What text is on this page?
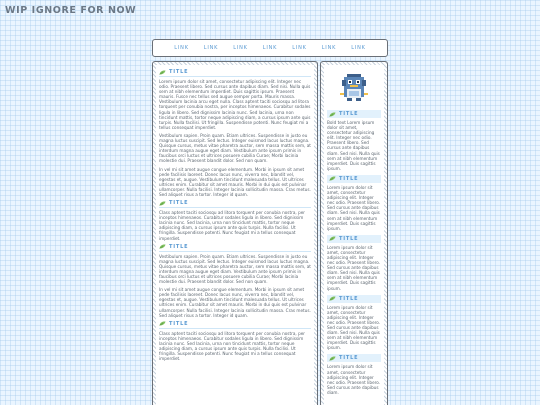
WIP IGNORE FOR NOW
LINK	LINK	LINK	LINK	LINK	LINK	LINK
TITLE

Lorem ipsum dolor sit amet, consectetur adipiscing elit. Integer nec odio. Praesent libero. Sed cursus ante dapibus diam. Sed nisi. Nulla quis sem at nibh elementum imperdiet. Duis sagittis ipsum. Praesent mauris. Fusce nec tellus sed augue semper porta. Mauris massa. Vestibulum lacinia arcu eget nulla. Class aptent taciti sociosqu ad litora torquent per conubia nostra, per inceptos himenaeos. Curabitur sodales ligula in libero. Sed dignissim lacinia nunc. Sed lacinia, urna non tincidunt mattis, tortor neque adipiscing diam, a cursus ipsum ante quis turpis. Nulla facilisi. Ut fringilla. Suspendisse potenti. Nunc feugiat mi a tellus consequat imperdiet.

Vestibulum sapien. Proin quam. Etiam ultrices. Suspendisse in justo eu magna luctus suscipit. Sed lectus. Integer euismod lacus luctus magna. Quisque cursus, metus vitae pharetra auctor, sem massa mattis sem, at interdum magna augue eget diam. Vestibulum ante ipsum primis in faucibus orci luctus et ultrices posuere cubilia Curae; Morbi lacinia molestie dui. Praesent blandit dolor. Sed non quam.

In vel mi sit amet augue congue elementum. Morbi in ipsum sit amet pede facilisis laoreet. Donec lacus nunc, viverra nec, blandit vel, egestas et, augue. Vestibulum tincidunt malesuada tellus. Ut ultrices ultrices enim. Curabitur sit amet mauris. Morbi in dui quis est pulvinar ullamcorper. Nulla facilisi. Integer lacinia sollicitudin massa. Cras metus. Sed aliquet risus a tortor. Integer id quam.

TITLE

Class aptent taciti sociosqu ad litora torquent per conubia nostra, per inceptos himenaeos. Curabitur sodales ligula in libero. Sed dignissim lacinia nunc. Sed lacinia, urna non tincidunt mattis, tortor neque adipiscing diam, a cursus ipsum ante quis turpis. Nulla facilisi. Ut fringilla. Suspendisse potenti. Nunc feugiat mi a tellus consequat imperdiet.

TITLE

Vestibulum sapien. Proin quam. Etiam ultrices. Suspendisse in justo eu magna luctus suscipit. Sed lectus. Integer euismod lacus luctus magna. Quisque cursus, metus vitae pharetra auctor, sem massa mattis sem, at interdum magna augue eget diam. Vestibulum ante ipsum primis in faucibus orci luctus et ultrices posuere cubilia Curae; Morbi lacinia molestie dui. Praesent blandit dolor. Sed non quam.

In vel mi sit amet augue congue elementum. Morbi in ipsum sit amet pede facilisis laoreet. Donec lacus nunc, viverra nec, blandit vel, egestas et, augue. Vestibulum tincidunt malesuada tellus. Ut ultrices ultrices enim. Curabitur sit amet mauris. Morbi in dui quis est pulvinar ullamcorper. Nulla facilisi. Integer lacinia sollicitudin massa. Cras metus. Sed aliquet risus a tortor. Integer id quam.

TITLE

Class aptent taciti sociosqu ad litora torquent per conubia nostra, per inceptos himenaeos. Curabitur sodales ligula in libero. Sed dignissim lacinia nunc. Sed lacinia, urna non tincidunt mattis, tortor neque adipiscing diam, a cursus ipsum ante quis turpis. Nulla facilisi. Ut fringilla. Suspendisse potenti. Nunc feugiat mi a tellus consequat imperdiet.

TITLE

Bold text Lorem ipsum dolor sit amet, consectetur adipiscing elit. Integer nec odio. Praesent libero. Sed cursus ante dapibus diam. Sed nisi. Nulla quis sem at nibh elementum imperdiet. Duis sagittis ipsum.

TITLE

Lorem ipsum dolor sit amet, consectetur adipiscing elit. Integer nec odio. Praesent libero. Sed cursus ante dapibus diam. Sed nisi. Nulla quis sem at nibh elementum imperdiet. Duis sagittis ipsum.

TITLE

Lorem ipsum dolor sit amet, consectetur adipiscing elit. Integer nec odio. Praesent libero. Sed cursus ante dapibus diam. Sed nisi. Nulla quis sem at nibh elementum imperdiet. Duis sagittis ipsum.

TITLE

Lorem ipsum dolor sit amet, consectetur adipiscing elit. Integer nec odio. Praesent libero. Sed cursus ante dapibus diam. Sed nisi. Nulla quis sem at nibh elementum imperdiet. Duis sagittis ipsum.

TITLE

Lorem ipsum dolor sit amet, consectetur adipiscing elit. Integer nec odio. Praesent libero. Sed cursus ante dapibus diam.
